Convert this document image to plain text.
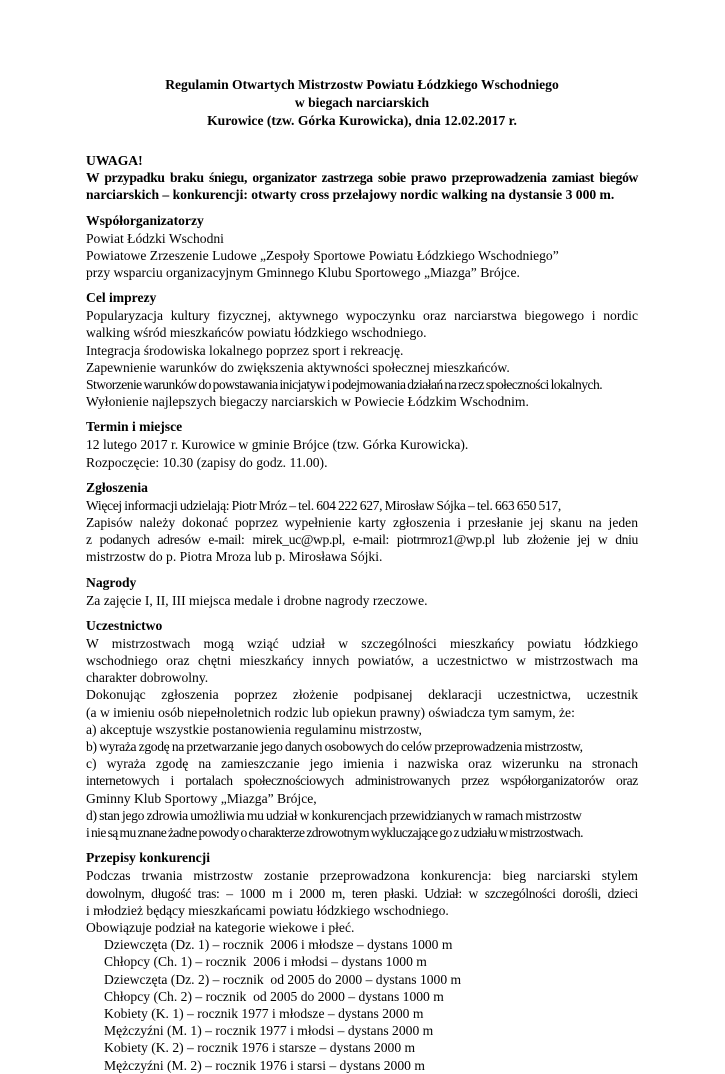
Regulamin Otwartych Mistrzostw Powiatu Łódzkiego Wschodniego
w biegach narciarskich
Kurowice (tzw. Górka Kurowicka), dnia 12.02.2017 r.
UWAGA!
W przypadku braku śniegu, organizator zastrzega sobie prawo przeprowadzenia zamiast biegów
narciarskich – konkurencji: otwarty cross przełajowy nordic walking na dystansie 3 000 m.
Współorganizatorzy
Powiat Łódzki Wschodni
Powiatowe Zrzeszenie Ludowe „Zespoły Sportowe Powiatu Łódzkiego Wschodniego”
przy wsparciu organizacyjnym Gminnego Klubu Sportowego „Miazga” Brójce.
Cel imprezy
Popularyzacja kultury fizycznej, aktywnego wypoczynku oraz narciarstwa biegowego i nordic
walking wśród mieszkańców powiatu łódzkiego wschodniego.
Integracja środowiska lokalnego poprzez sport i rekreację.
Zapewnienie warunków do zwiększenia aktywności społecznej mieszkańców.
Stworzenie warunków do powstawania inicjatyw i podejmowania działań na rzecz społeczności lokalnych.
Wyłonienie najlepszych biegaczy narciarskich w Powiecie Łódzkim Wschodnim.
Termin i miejsce
12 lutego 2017 r. Kurowice w gminie Brójce (tzw. Górka Kurowicka).
Rozpoczęcie: 10.30 (zapisy do godz. 11.00).
Zgłoszenia
Więcej informacji udzielają: Piotr Mróz – tel. 604 222 627, Mirosław Sójka – tel. 663 650 517,
Zapisów należy dokonać poprzez wypełnienie karty zgłoszenia i przesłanie jej skanu na jeden
z podanych adresów e-mail: mirek_uc@wp.pl, e-mail: piotrmroz1@wp.pl lub złożenie jej w dniu
mistrzostw do p. Piotra Mroza lub p. Mirosława Sójki.
Nagrody
Za zajęcie I, II, III miejsca medale i drobne nagrody rzeczowe.
Uczestnictwo
W mistrzostwach mogą wziąć udział w szczególności mieszkańcy powiatu łódzkiego
wschodniego oraz chętni mieszkańcy innych powiatów, a uczestnictwo w mistrzostwach ma
charakter dobrowolny.
Dokonując zgłoszenia poprzez złożenie podpisanej deklaracji uczestnictwa, uczestnik
(a w imieniu osób niepełnoletnich rodzic lub opiekun prawny) oświadcza tym samym, że:
a) akceptuje wszystkie postanowienia regulaminu mistrzostw,
b) wyraża zgodę na przetwarzanie jego danych osobowych do celów przeprowadzenia mistrzostw,
c) wyraża zgodę na zamieszczanie jego imienia i nazwiska oraz wizerunku na stronach
internetowych i portalach społecznościowych administrowanych przez współorganizatorów oraz
Gminny Klub Sportowy „Miazga” Brójce,
d) stan jego zdrowia umożliwia mu udział w konkurencjach przewidzianych w ramach mistrzostw
i nie są mu znane żadne powody o charakterze zdrowotnym wykluczające go z udziału w mistrzostwach.
Przepisy konkurencji
Podczas trwania mistrzostw zostanie przeprowadzona konkurencja: bieg narciarski stylem
dowolnym, długość tras: – 1000 m i 2000 m, teren płaski. Udział: w szczególności dorośli, dzieci
i młodzież będący mieszkańcami powiatu łódzkiego wschodniego.
Obowiązuje podział na kategorie wiekowe i płeć.
Dziewczęta (Dz. 1) – rocznik  2006 i młodsze – dystans 1000 m
Chłopcy (Ch. 1) – rocznik  2006 i młodsi – dystans 1000 m
Dziewczęta (Dz. 2) – rocznik  od 2005 do 2000 – dystans 1000 m
Chłopcy (Ch. 2) – rocznik  od 2005 do 2000 – dystans 1000 m
Kobiety (K. 1) – rocznik 1977 i młodsze – dystans 2000 m
Mężczyźni (M. 1) – rocznik 1977 i młodsi – dystans 2000 m
Kobiety (K. 2) – rocznik 1976 i starsze – dystans 2000 m
Mężczyźni (M. 2) – rocznik 1976 i starsi – dystans 2000 m
